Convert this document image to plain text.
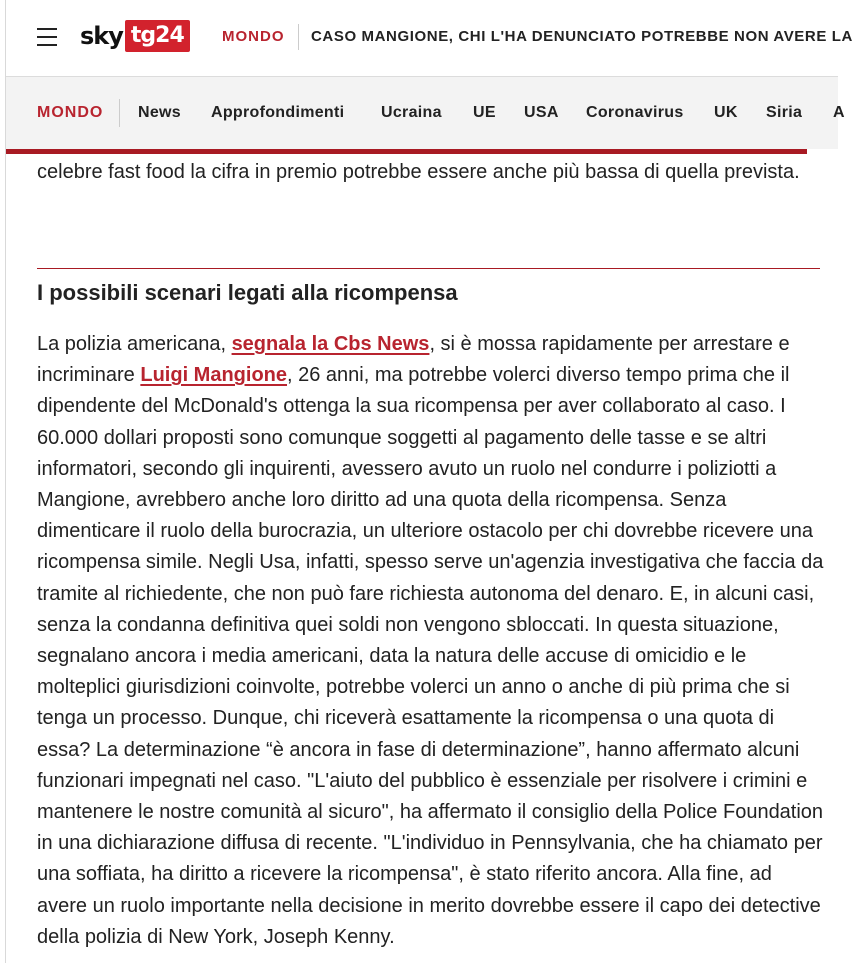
sky tg24	MONDO CASO MANGIONE, CHI L'HA DENUNCIATO POTREBBE NON AVERE LA
MONDO News Approfondimenti Ucraina UE USA Coronavirus UK Siria A

celebre fast food la cifra in premio potrebbe essere anche più bassa di quella prevista.

I possibili scenari legati alla ricompensa

La polizia americana, segnala la Cbs News, si è mossa rapidamente per arrestare e incriminare Luigi Mangione, 26 anni, ma potrebbe volerci diverso tempo prima che il dipendente del McDonald's ottenga la sua ricompensa per aver collaborato al caso. I 60.000 dollari proposti sono comunque soggetti al pagamento delle tasse e se altri informatori, secondo gli inquirenti, avessero avuto un ruolo nel condurre i poliziotti a Mangione, avrebbero anche loro diritto ad una quota della ricompensa. Senza dimenticare il ruolo della burocrazia, un ulteriore ostacolo per chi dovrebbe ricevere una ricompensa simile. Negli Usa, infatti, spesso serve un'agenzia investigativa che faccia da tramite al richiedente, che non può fare richiesta autonoma del denaro. E, in alcuni casi, senza la condanna definitiva quei soldi non vengono sbloccati. In questa situazione, segnalano ancora i media americani, data la natura delle accuse di omicidio e le molteplici giurisdizioni coinvolte, potrebbe volerci un anno o anche di più prima che si tenga un processo. Dunque, chi riceverà esattamente la ricompensa o una quota di essa? La determinazione “è ancora in fase di determinazione”, hanno affermato alcuni funzionari impegnati nel caso. "L'aiuto del pubblico è essenziale per risolvere i crimini e mantenere le nostre comunità al sicuro", ha affermato il consiglio della Police Foundation in una dichiarazione diffusa di recente. "L'individuo in Pennsylvania, che ha chiamato per una soffiata, ha diritto a ricevere la ricompensa", è stato riferito ancora. Alla fine, ad avere un ruolo importante nella decisione in merito dovrebbe essere il capo dei detective della polizia di New York, Joseph Kenny.
